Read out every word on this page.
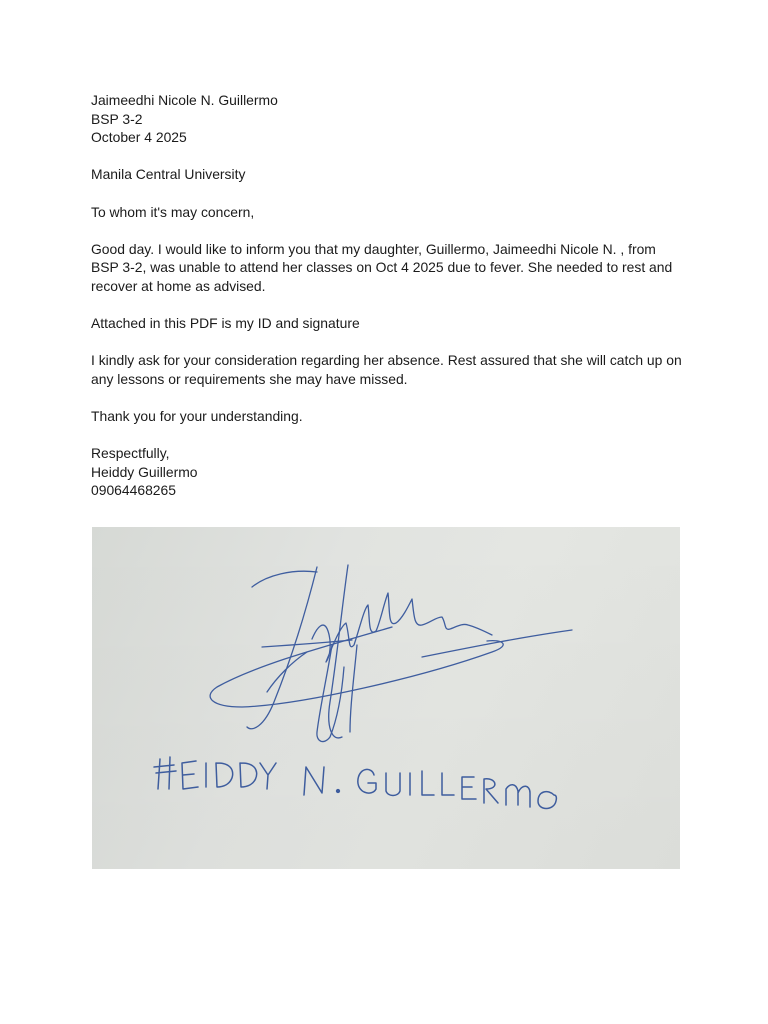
Jaimeedhi Nicole N. Guillermo
BSP 3-2
October 4 2025
Manila Central University
To whom it's may concern,
Good day. I would like to inform you that my daughter, Guillermo, Jaimeedhi Nicole N. , from
BSP 3-2, was unable to attend her classes on Oct 4 2025 due to fever. She needed to rest and
recover at home as advised.
Attached in this PDF is my ID and signature
I kindly ask for your consideration regarding her absence. Rest assured that she will catch up on
any lessons or requirements she may have missed.
Thank you for your understanding.
Respectfully,
Heiddy Guillermo
09064468265
